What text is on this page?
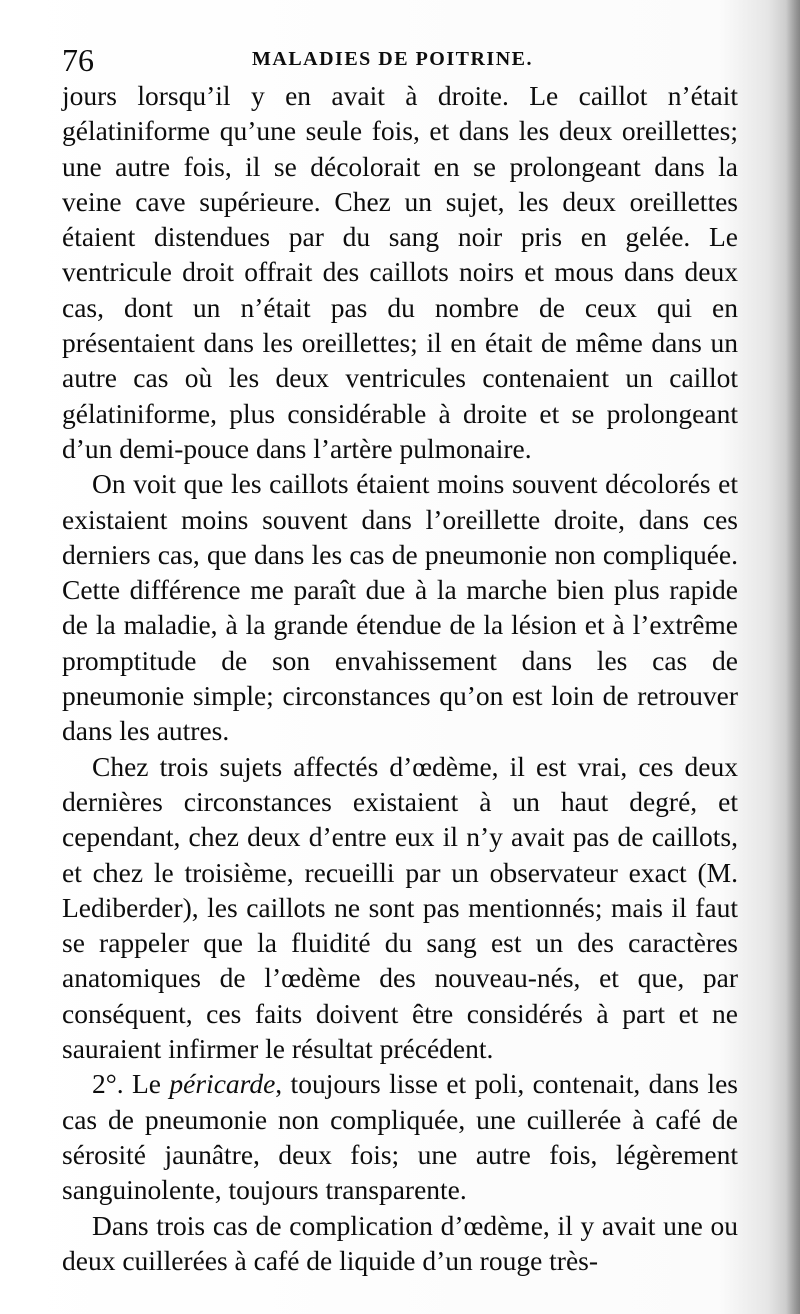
76	MALADIES DE POITRINE.

jours lorsqu’il y en avait à droite. Le caillot n’était gélatiniforme qu’une seule fois, et dans les deux oreillettes; une autre fois, il se décolorait en se prolongeant dans la veine cave supérieure. Chez un sujet, les deux oreillettes étaient distendues par du sang noir pris en gelée. Le ventricule droit offrait des caillots noirs et mous dans deux cas, dont un n’était pas du nombre de ceux qui en présentaient dans les oreillettes; il en était de même dans un autre cas où les deux ventricules contenaient un caillot gélatiniforme, plus considérable à droite et se prolongeant d’un demi-pouce dans l’artère pulmonaire.

On voit que les caillots étaient moins souvent décolorés et existaient moins souvent dans l’oreillette droite, dans ces derniers cas, que dans les cas de pneumonie non compliquée. Cette différence me paraît due à la marche bien plus rapide de la maladie, à la grande étendue de la lésion et à l’extrême promptitude de son envahissement dans les cas de pneumonie simple; circonstances qu’on est loin de retrouver dans les autres.

Chez trois sujets affectés d’œdème, il est vrai, ces deux dernières circonstances existaient à un haut degré, et cependant, chez deux d’entre eux il n’y avait pas de caillots, et chez le troisième, recueilli par un observateur exact (M. Lediberder), les caillots ne sont pas mentionnés; mais il faut se rappeler que la fluidité du sang est un des caractères anatomiques de l’œdème des nouveau-nés, et que, par conséquent, ces faits doivent être considérés à part et ne sauraient infirmer le résultat précédent.

2°. Le péricarde, toujours lisse et poli, contenait, dans les cas de pneumonie non compliquée, une cuillerée à café de sérosité jaunâtre, deux fois; une autre fois, légèrement sanguinolente, toujours transparente.

Dans trois cas de complication d’œdème, il y avait une ou deux cuillerées à café de liquide d’un rouge très-
